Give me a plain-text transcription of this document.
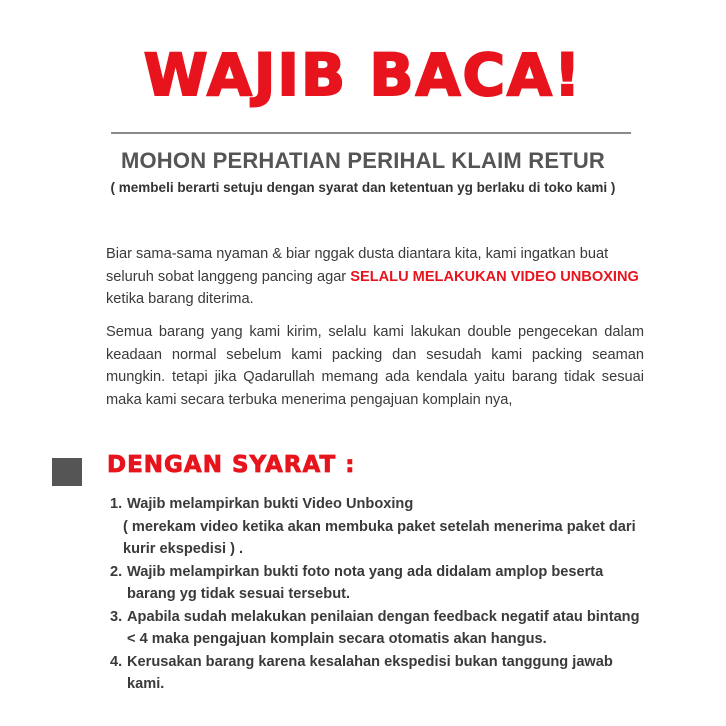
WAJIB BACA!
MOHON PERHATIAN PERIHAL KLAIM RETUR
( membeli berarti setuju dengan syarat dan ketentuan yg berlaku di toko kami )
Biar sama-sama nyaman & biar nggak dusta diantara kita, kami ingatkan buat seluruh sobat langgeng pancing agar SELALU MELAKUKAN VIDEO UNBOXING ketika barang diterima.
Semua barang yang kami kirim, selalu kami lakukan double pengecekan dalam keadaan normal sebelum kami packing dan sesudah kami packing seaman mungkin. tetapi jika Qadarullah memang ada kendala yaitu barang tidak sesuai maka kami secara terbuka menerima pengajuan komplain nya,
DENGAN SYARAT :
1. Wajib melampirkan bukti Video Unboxing
( merekam video ketika akan membuka paket setelah menerima paket dari kurir ekspedisi ) .
2. Wajib melampirkan bukti foto nota yang ada didalam amplop beserta barang yg tidak sesuai tersebut.
3. Apabila sudah melakukan penilaian dengan feedback negatif atau bintang < 4 maka pengajuan komplain secara otomatis akan hangus.
4. Kerusakan barang karena kesalahan ekspedisi bukan tanggung jawab kami.
